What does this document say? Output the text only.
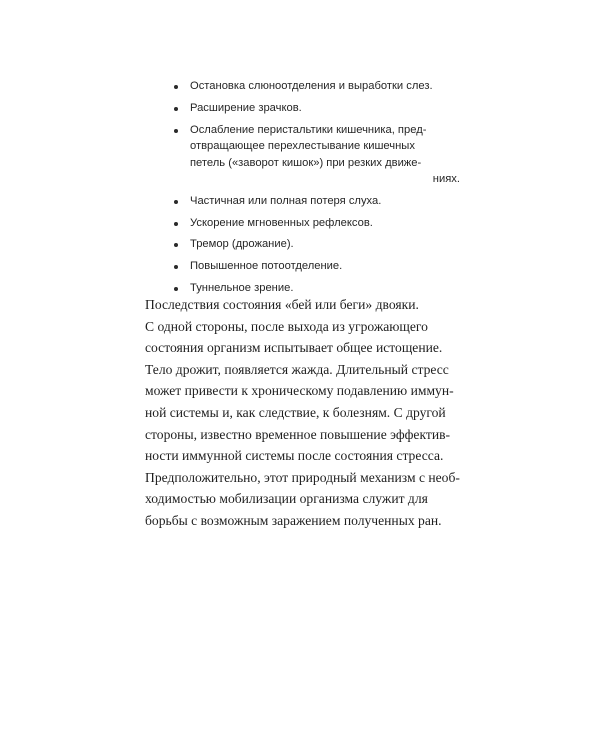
Остановка слюноотделения и выработки слез.
Расширение зрачков.
Ослабление перистальтики кишечника, пред-
отвращающее перехлестывание кишечных
петель («заворот кишок») при резких движе-
ниях.
Частичная или полная потеря слуха.
Ускорение мгновенных рефлексов.
Тремор (дрожание).
Повышенное потоотделение.
Туннельное зрение.

Последствия состояния «бей или беги» двояки.
С одной стороны, после выхода из угрожающего
состояния организм испытывает общее истощение.
Тело дрожит, появляется жажда. Длительный стресс
может привести к хроническому подавлению иммун-
ной системы и, как следствие, к болезням. С другой
стороны, известно временное повышение эффектив-
ности иммунной системы после состояния стресса.
Предположительно, этот природный механизм с необ-
ходимостью мобилизации организма служит для
борьбы с возможным заражением полученных ран.
